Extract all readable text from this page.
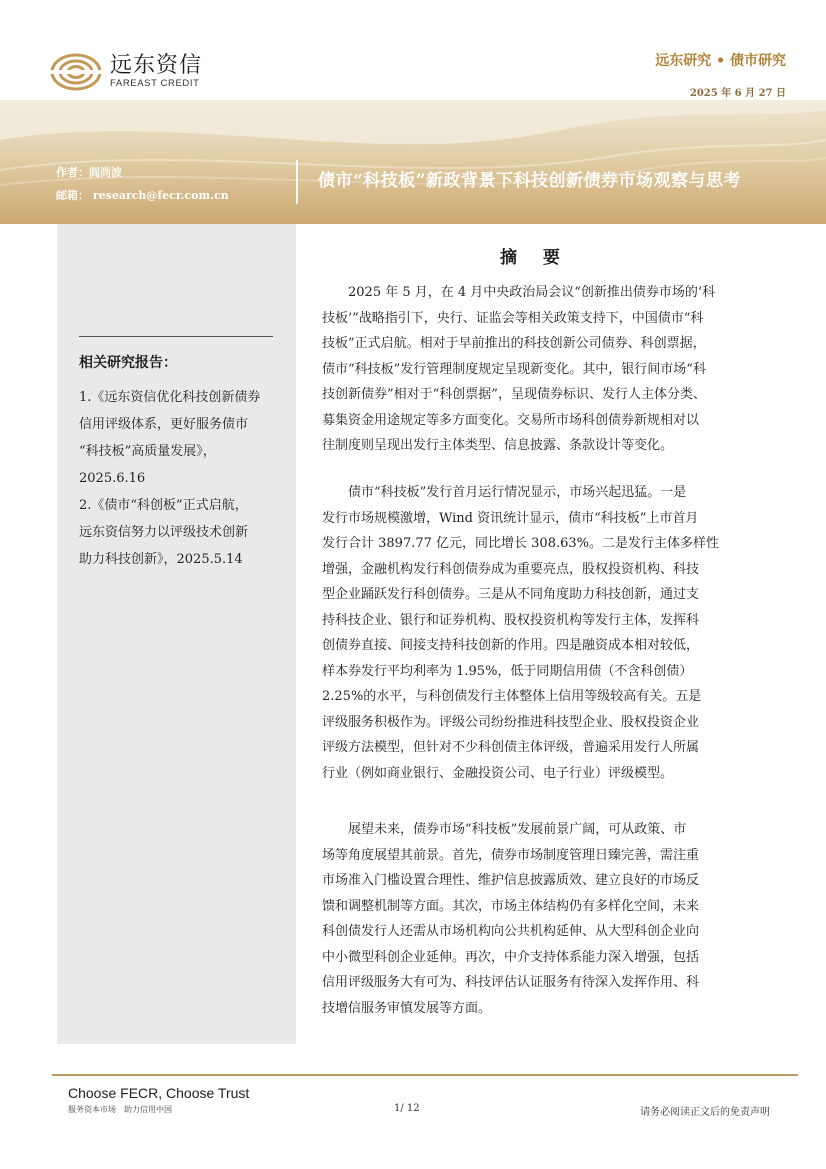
远东资信
FAREAST CREDIT
远东研究 • 债市研究
2025 年 6 月 27 日
作者：阎尚波
邮箱： research@fecr.com.cn
债市“科技板”新政背景下科技创新债券市场观察与思考
相关研究报告：
1.《远东资信优化科技创新债券
信用评级体系，更好服务债市
“科技板”高质量发展》，
2025.6.16
2.《债市“科创板”正式启航，
远东资信努力以评级技术创新
助力科技创新》，2025.5.14
摘 要
2025 年 5 月，在 4 月中央政治局会议“创新推出债券市场的‘科
技板’”战略指引下，央行、证监会等相关政策支持下，中国债市“科
技板”正式启航。相对于早前推出的科技创新公司债券、科创票据，
债市“科技板”发行管理制度规定呈现新变化。其中，银行间市场“科
技创新债券”相对于“科创票据”，呈现债券标识、发行人主体分类、
募集资金用途规定等多方面变化。交易所市场科创债券新规相对以
往制度则呈现出发行主体类型、信息披露、条款设计等变化。
债市“科技板”发行首月运行情况显示，市场兴起迅猛。一是
发行市场规模激增，Wind 资讯统计显示，债市“科技板”上市首月
发行合计 3897.77 亿元，同比增长 308.63%。二是发行主体多样性
增强，金融机构发行科创债券成为重要亮点，股权投资机构、科技
型企业踊跃发行科创债券。三是从不同角度助力科技创新，通过支
持科技企业、银行和证券机构、股权投资机构等发行主体，发挥科
创债券直接、间接支持科技创新的作用。四是融资成本相对较低，
样本券发行平均利率为 1.95%，低于同期信用债（不含科创债）
2.25%的水平，与科创债发行主体整体上信用等级较高有关。五是
评级服务积极作为。评级公司纷纷推进科技型企业、股权投资企业
评级方法模型，但针对不少科创债主体评级，普遍采用发行人所属
行业（例如商业银行、金融投资公司、电子行业）评级模型。
展望未来，债券市场“科技板”发展前景广阔，可从政策、市
场等角度展望其前景。首先，债券市场制度管理日臻完善，需注重
市场准入门槛设置合理性、维护信息披露质效、建立良好的市场反
馈和调整机制等方面。其次，市场主体结构仍有多样化空间，未来
科创债发行人还需从市场机构向公共机构延伸、从大型科创企业向
中小微型科创企业延伸。再次，中介支持体系能力深入增强，包括
信用评级服务大有可为、科技评估认证服务有待深入发挥作用、科
技增信服务审慎发展等方面。
Choose FECR, Choose Trust
服务资本市场　助力信用中国	1/ 12	请务必阅读正文后的免责声明
